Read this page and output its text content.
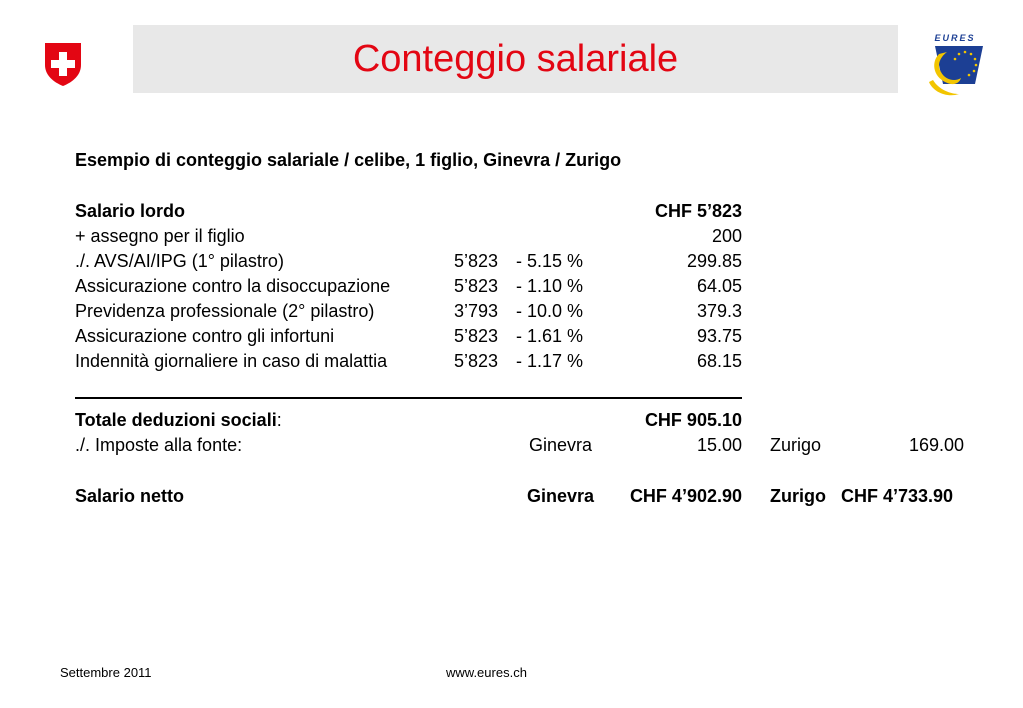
Conteggio salariale	EURES
Esempio di conteggio salariale / celibe, 1 figlio, Ginevra / Zurigo
Salario lordo	CHF 5’823
+ assegno per il figlio	200
./. AVS/AI/IPG (1° pilastro)	5’823 - 5.15 %	299.85
Assicurazione contro la disoccupazione	5’823 - 1.10 %	64.05
Previdenza professionale (2° pilastro)	3’793 - 10.0 %	379.3
Assicurazione contro gli infortuni	5’823 - 1.61 %	93.75
Indennità giornaliere in caso di malattia	5’823 - 1.17 %	68.15
Totale deduzioni sociali:	CHF 905.10
./. Imposte alla fonte:	Ginevra	15.00 Zurigo	169.00
Salario netto	Ginevra CHF 4’902.90 Zurigo CHF 4’733.90
Settembre 2011	www.eures.ch
